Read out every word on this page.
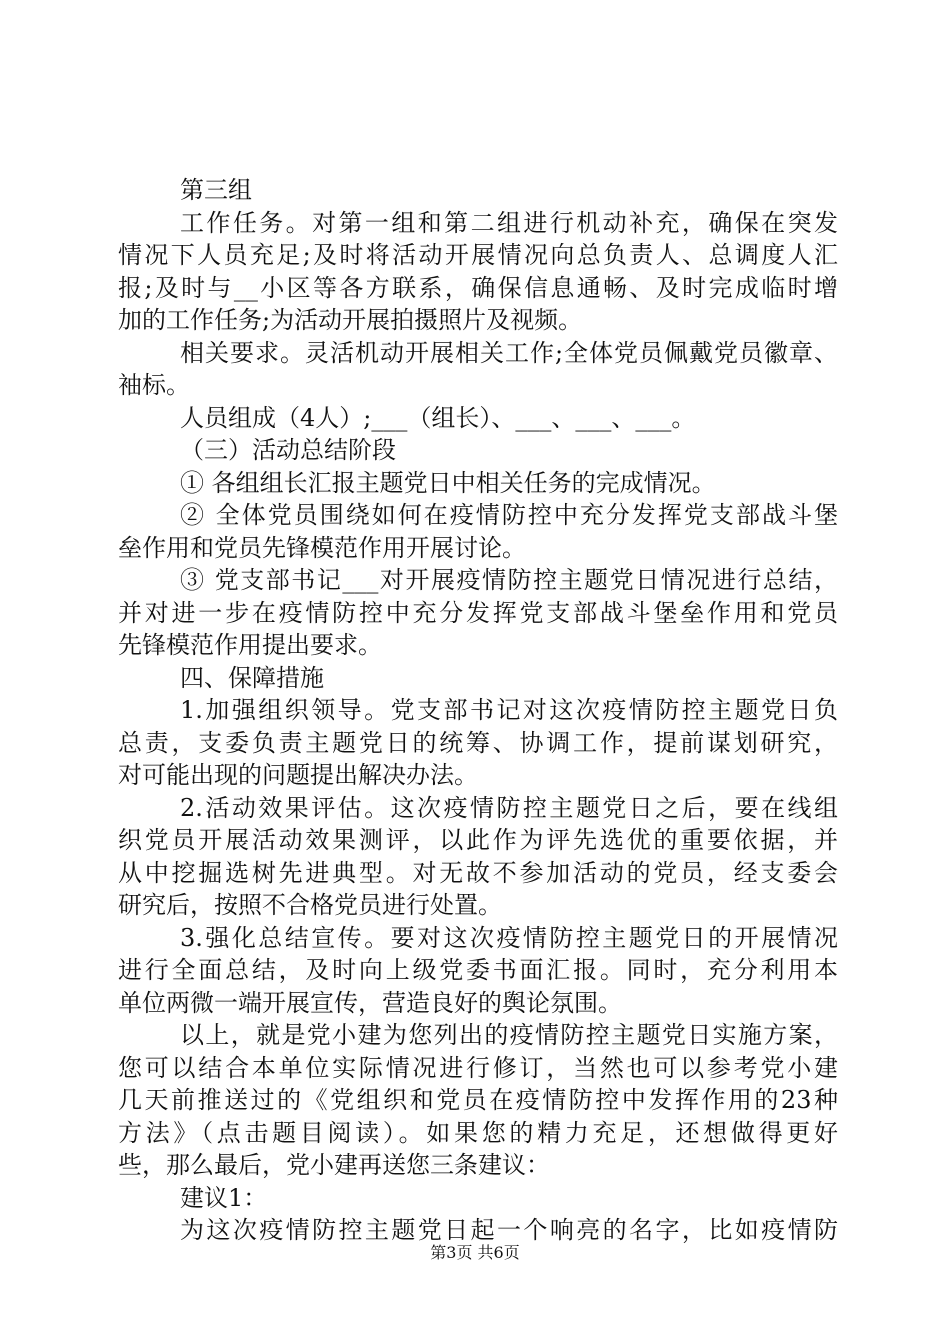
第三组
工作任务。对第一组和第二组进行机动补充，确保在突发
情况下人员充足;及时将活动开展情况向总负责人、总调度人汇
报;及时与__小区等各方联系，确保信息通畅、及时完成临时增
加的工作任务;为活动开展拍摄照片及视频。
相关要求。灵活机动开展相关工作;全体党员佩戴党员徽章、
袖标。
人员组成（4人）;___（组长）、___、___、___。
（三）活动总结阶段
① 各组组长汇报主题党日中相关任务的完成情况。
② 全体党员围绕如何在疫情防控中充分发挥党支部战斗堡
垒作用和党员先锋模范作用开展讨论。
③ 党支部书记___对开展疫情防控主题党日情况进行总结，
并对进一步在疫情防控中充分发挥党支部战斗堡垒作用和党员
先锋模范作用提出要求。
四、保障措施
1.加强组织领导。党支部书记对这次疫情防控主题党日负
总责，支委负责主题党日的统筹、协调工作，提前谋划研究，
对可能出现的问题提出解决办法。
2.活动效果评估。这次疫情防控主题党日之后，要在线组
织党员开展活动效果测评，以此作为评先选优的重要依据，并
从中挖掘选树先进典型。对无故不参加活动的党员，经支委会
研究后，按照不合格党员进行处置。
3.强化总结宣传。要对这次疫情防控主题党日的开展情况
进行全面总结，及时向上级党委书面汇报。同时，充分利用本
单位两微一端开展宣传，营造良好的舆论氛围。
以上，就是党小建为您列出的疫情防控主题党日实施方案，
您可以结合本单位实际情况进行修订，当然也可以参考党小建
几天前推送过的《党组织和党员在疫情防控中发挥作用的23种
方法》（点击题目阅读）。如果您的精力充足，还想做得更好
些，那么最后，党小建再送您三条建议：
建议1：
为这次疫情防控主题党日起一个响亮的名字，比如疫情防
第3页 共6页
